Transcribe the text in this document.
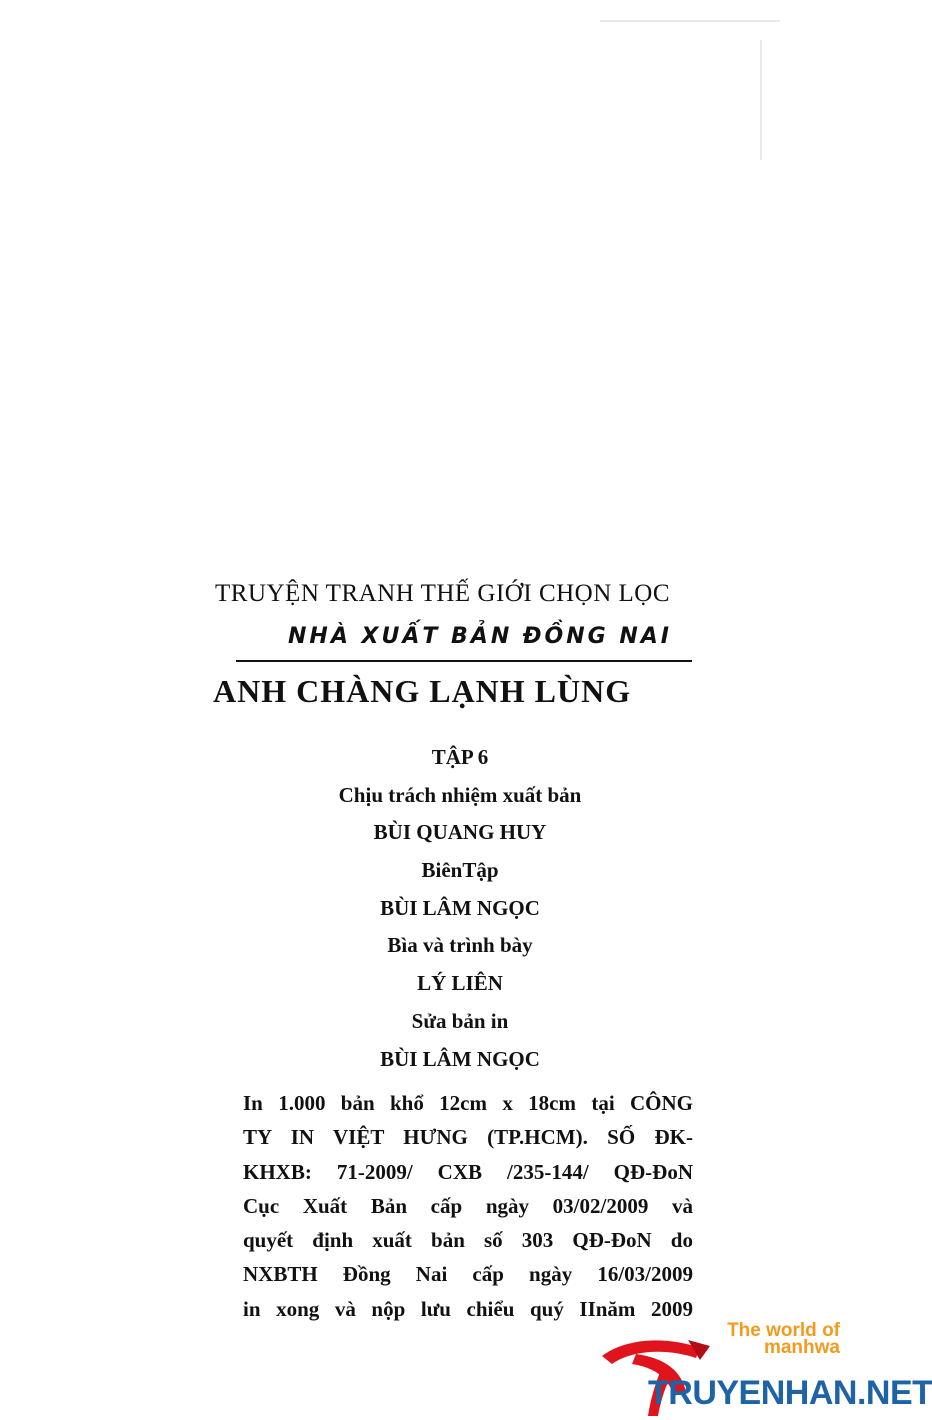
TRUYỆN TRANH THẾ GIỚI CHỌN LỌC
NHÀ XUẤT BẢN ĐỒNG NAI
ANH CHÀNG LẠNH LÙNG
TẬP 6
Chịu trách nhiệm xuất bản
BÙI QUANG HUY
BiênTập
BÙI LÂM NGỌC
Bìa và trình bày
LÝ LIÊN
Sửa bản in
BÙI LÂM NGỌC
In 1.000 bản khổ 12cm x 18cm tại CÔNG
TY IN VIỆT HƯNG (TP.HCM). SỐ ĐK-
KHXB: 71-2009/ CXB /235-144/ QĐ-ĐoN
Cục Xuất Bản cấp ngày 03/02/2009 và
quyết định xuất bản số 303 QĐ-ĐoN do
NXBTH Đồng Nai cấp ngày 16/03/2009
in xong và nộp lưu chiểu quý IInăm 2009
The world of
manhwa
TRUYENHAN.NET
